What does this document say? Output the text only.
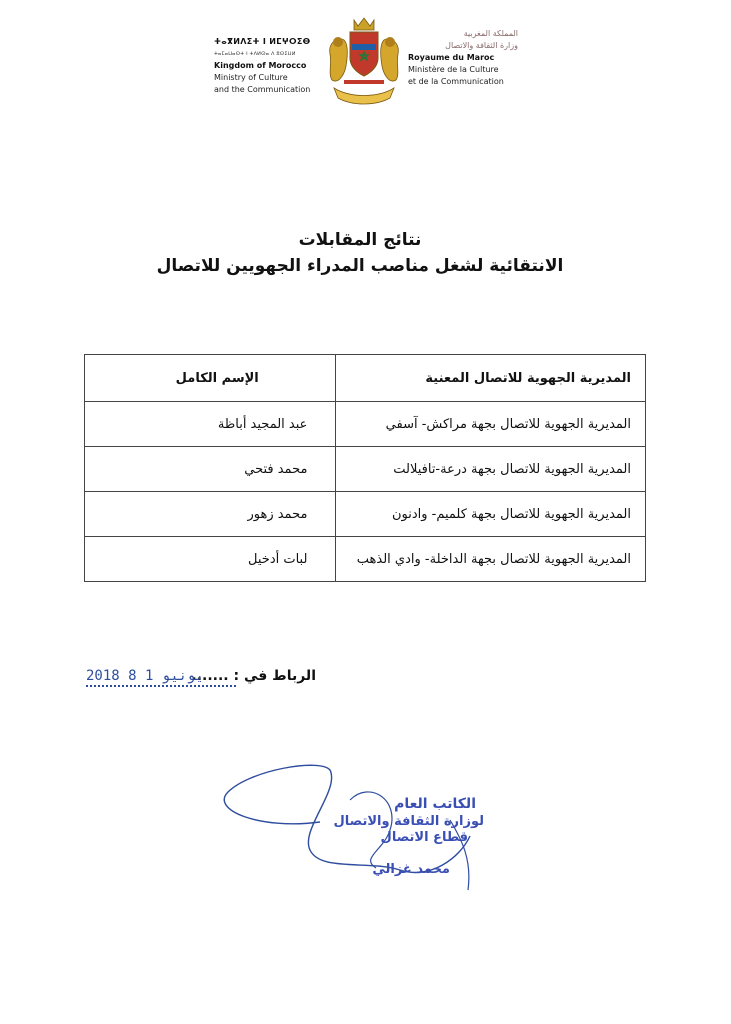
ⵜⴰⴳⵍⴷⵉⵜ ⵏ ⵍⵎⵖⵔⵉⴱ
ⵜⴰⵎⴰⵡⴰⵙⵜ ⵏ ⵜⴷⵍⵙⴰ ⴷ ⵓⵙⵉⵡⵍ
Kingdom of Morocco
Ministry of Culture
and the Communication
المملكة المغربية
وزارة الثقافة والاتصال
Royaume du Maroc
Ministère de la Culture
et de la Communication
نتائج المقابلات
الانتقائية لشغل مناصب المدراء الجهويين للاتصال
المديرية الجهوية للاتصال المعنية	الإسم الكامل
المديرية الجهوية للاتصال بجهة مراكش- آسفي	عبد المجيد أباظة
المديرية الجهوية للاتصال بجهة درعة-تافيلالت	محمد فتحي
المديرية الجهوية للاتصال بجهة كلميم- وادنون	محمد زهور
المديرية الجهوية للاتصال بجهة الداخلة- وادي الذهب	لبات أدخيل
الرباط في : .......
2018 يونيو 1 8
الكاتب العام
لوزارة الثقافة والاتصال
قطاع الاتصال
محمد غزالي
